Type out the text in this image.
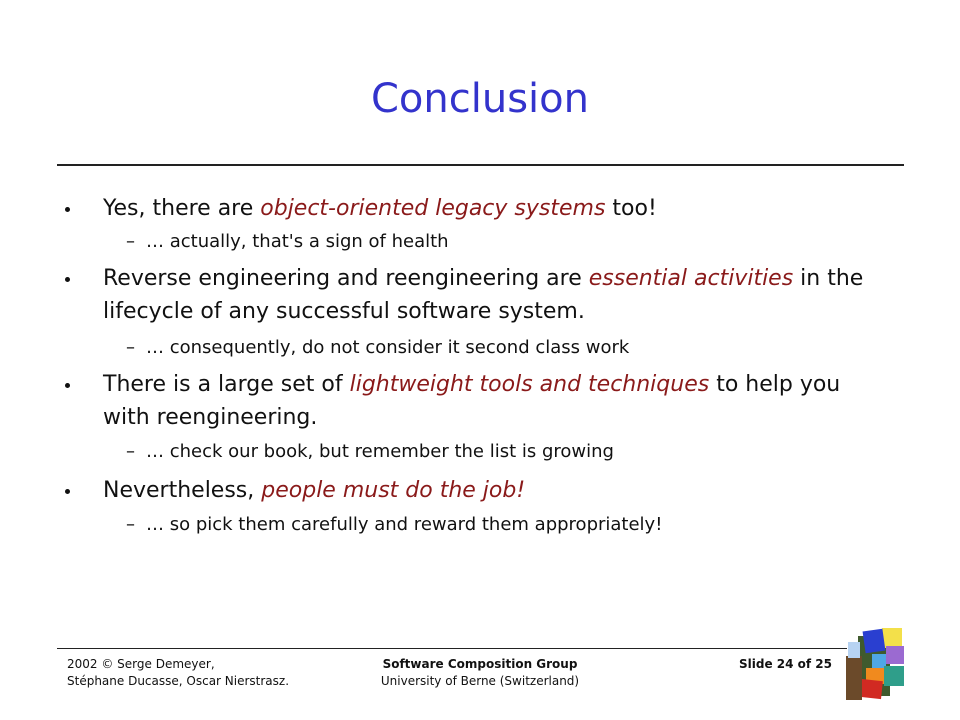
Conclusion

Yes, there are object-oriented legacy systems too!

– … actually, that's a sign of health

Reverse engineering and reengineering are essential activities in the lifecycle of any successful software system.

– … consequently, do not consider it second class work

There is a large set of lightweight tools and techniques to help you with reengineering.

– … check our book, but remember the list is growing

Nevertheless, people must do the job!

– … so pick them carefully and reward them appropriately!

2002 © Serge Demeyer,
Stéphane Ducasse, Oscar Nierstrasz.
Software Composition Group
University of Berne (Switzerland)
Slide 24 of 25
